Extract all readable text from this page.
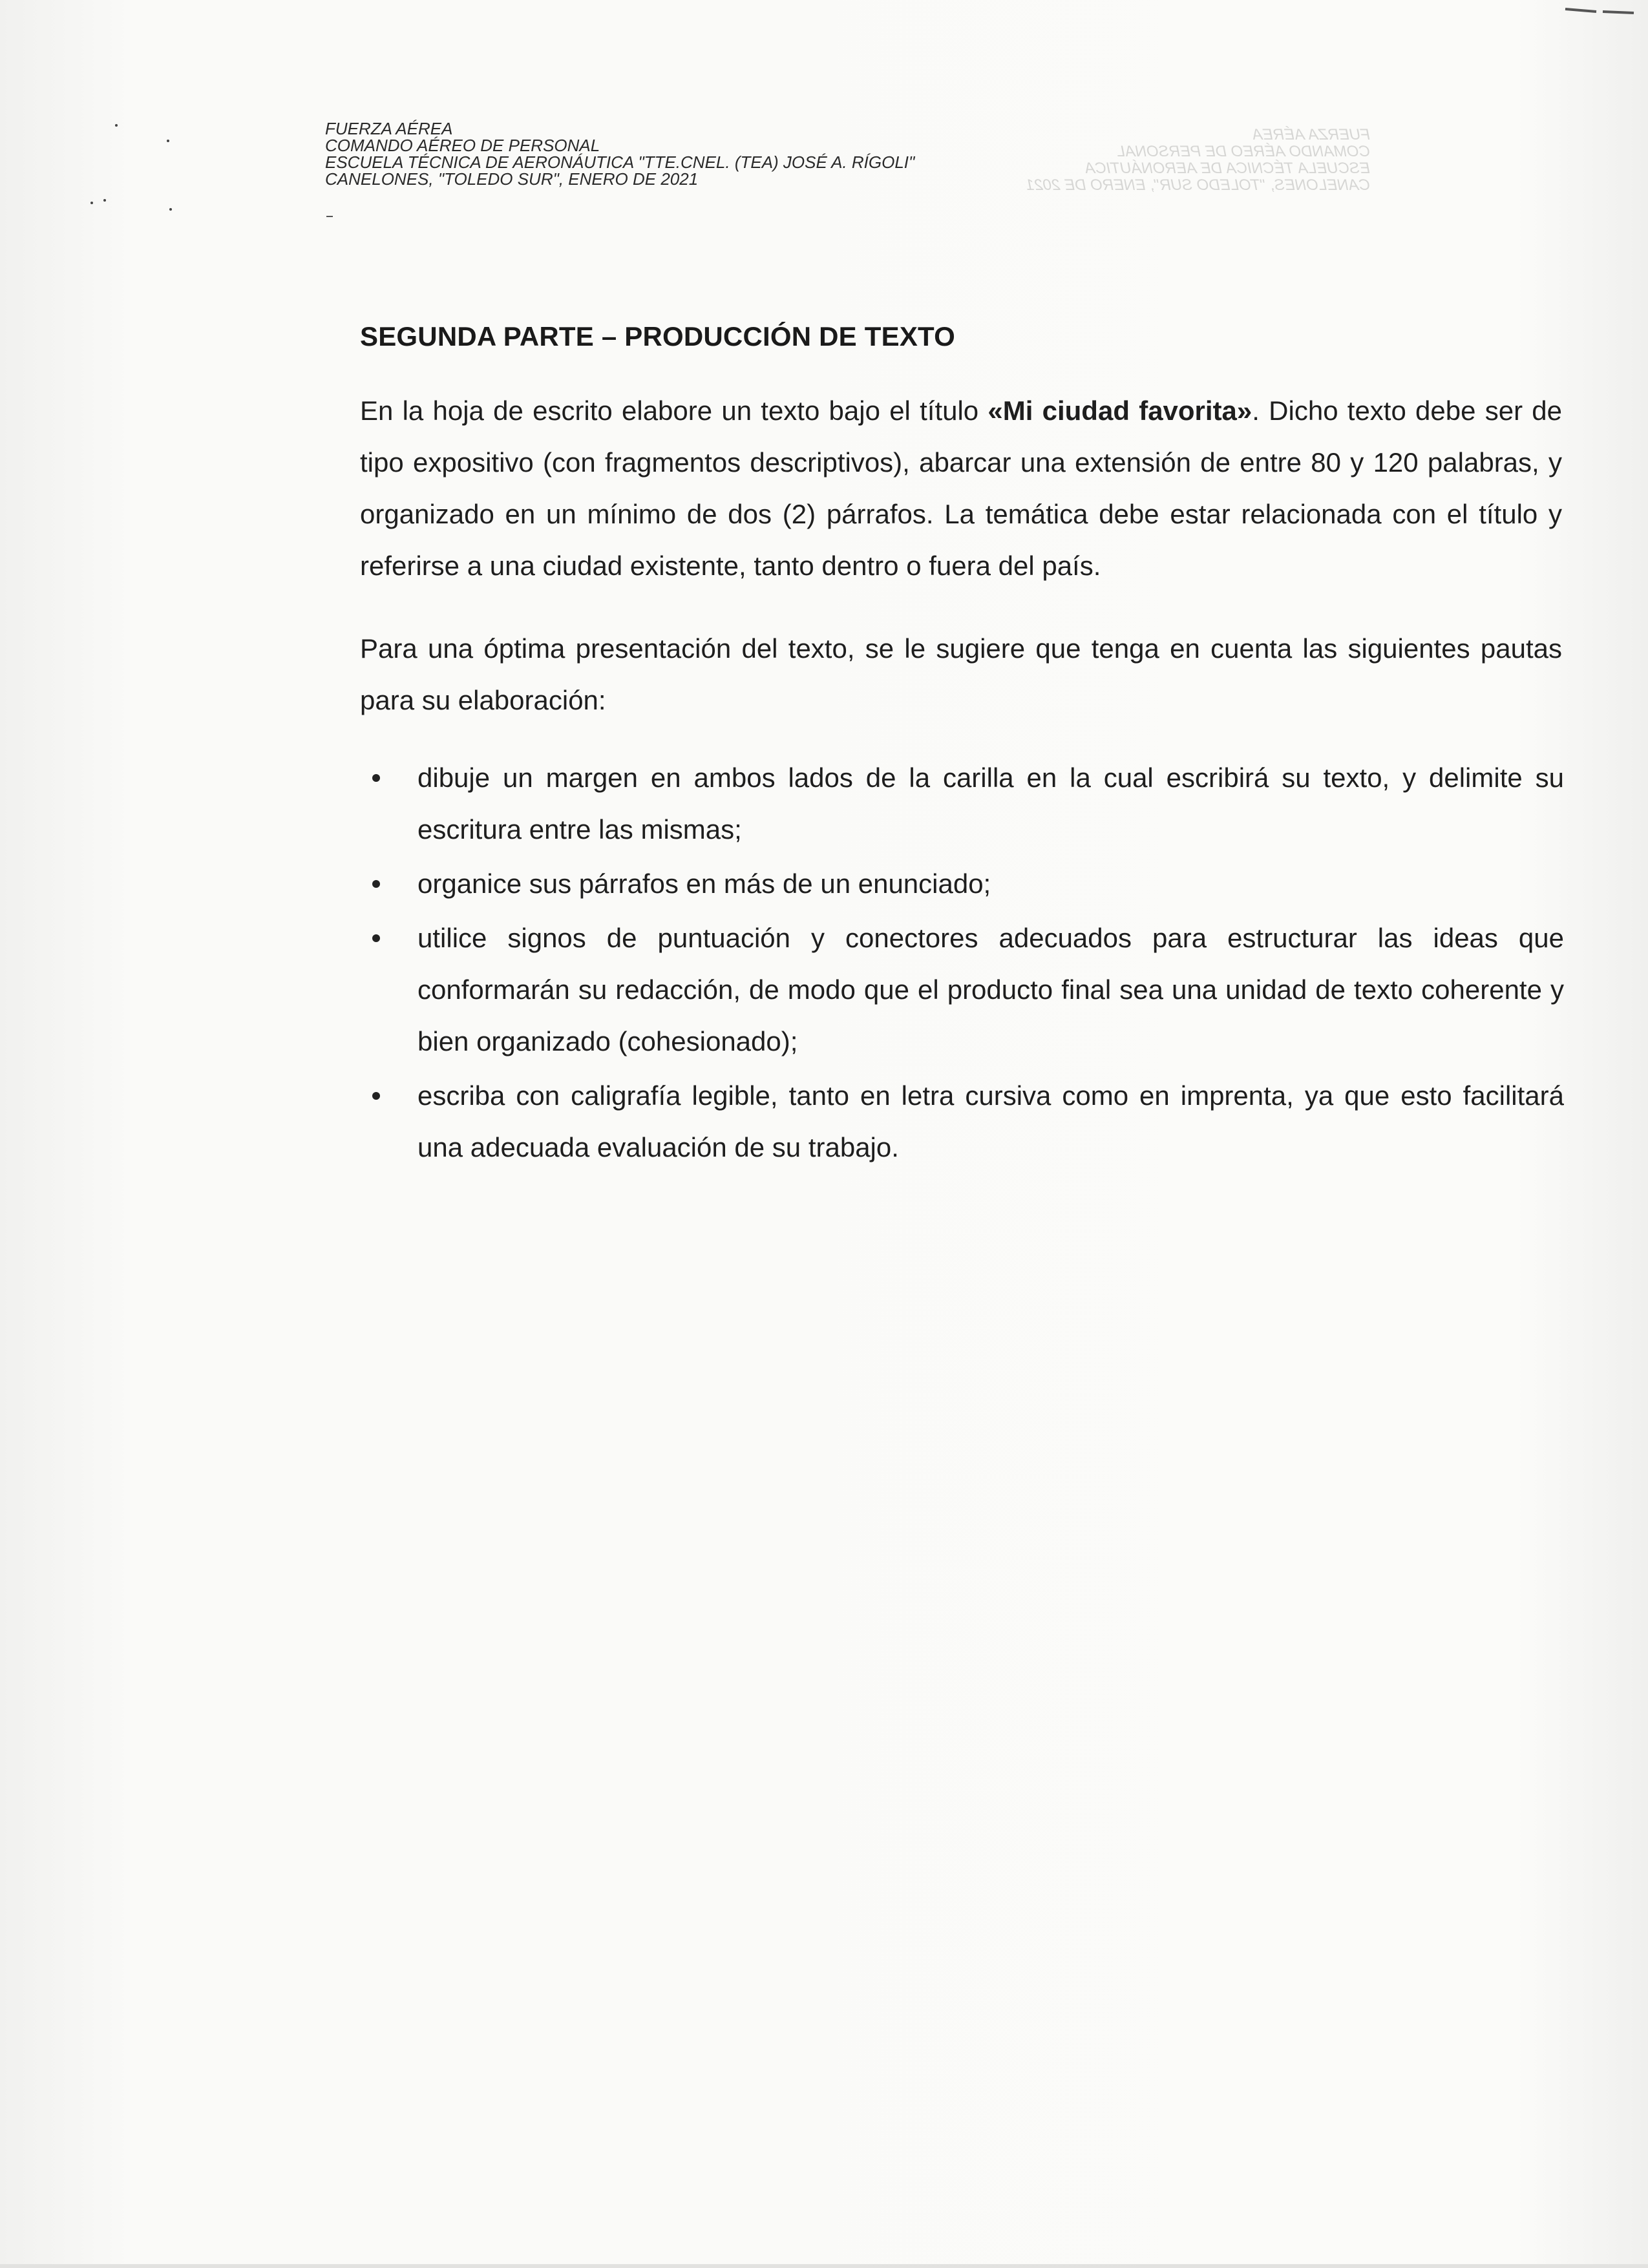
FUERZA AÉREA
COMANDO AÉREO DE PERSONAL
ESCUELA TÉCNICA DE AERONÁUTICA
CANELONES, "TOLEDO SUR", ENERO DE 2021
FUERZA AÉREA
COMANDO AÉREO DE PERSONAL
ESCUELA TÉCNICA DE AERONÁUTICA "TTE.CNEL. (TEA) JOSÉ A. RÍGOLI"
CANELONES, "TOLEDO SUR", ENERO DE 2021
SEGUNDA PARTE – PRODUCCIÓN DE TEXTO
En la hoja de escrito elabore un texto bajo el título «Mi ciudad favorita». Dicho texto debe ser de tipo expositivo (con fragmentos descriptivos), abarcar una extensión de entre 80 y 120 palabras, y organizado en un mínimo de dos (2) párrafos. La temática debe estar relacionada con el título y referirse a una ciudad existente, tanto dentro o fuera del país.
Para una óptima presentación del texto, se le sugiere que tenga en cuenta las siguientes pautas para su elaboración:
dibuje un margen en ambos lados de la carilla en la cual escribirá su texto, y delimite su escritura entre las mismas;
organice sus párrafos en más de un enunciado;
utilice signos de puntuación y conectores adecuados para estructurar las ideas que conformarán su redacción, de modo que el producto final sea una unidad de texto coherente y bien organizado (cohesionado);
escriba con caligrafía legible, tanto en letra cursiva como en imprenta, ya que esto facilitará una adecuada evaluación de su trabajo.
